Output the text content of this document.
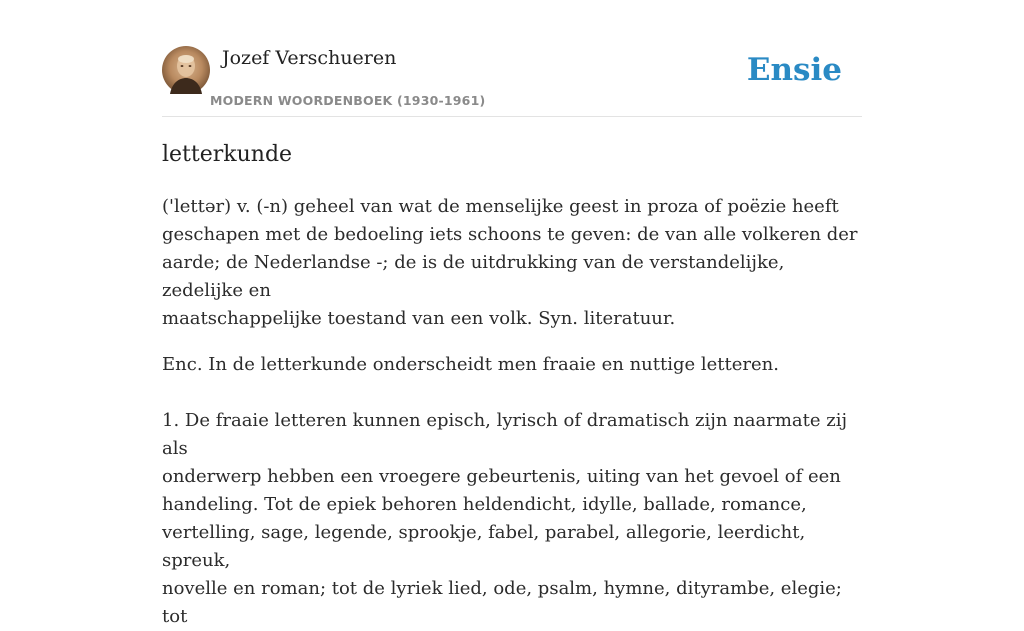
Jozef Verschueren
MODERN WOORDENBOEK (1930-1961)
Ensie
letterkunde

('lettər) v. (-n) geheel van wat de menselijke geest in proza of poëzie heeft
geschapen met de bedoeling iets schoons te geven: de van alle volkeren der
aarde; de Nederlandse -; de is de uitdrukking van de verstandelijke, zedelijke en
maatschappelijke toestand van een volk. Syn. literatuur.

Enc. In de letterkunde onderscheidt men fraaie en nuttige letteren.

1. De fraaie letteren kunnen episch, lyrisch of dramatisch zijn naarmate zij als
onderwerp hebben een vroegere gebeurtenis, uiting van het gevoel of een
handeling. Tot de epiek behoren heldendicht, idylle, ballade, romance,
vertelling, sage, legende, sprookje, fabel, parabel, allegorie, leerdicht, spreuk,
novelle en roman; tot de lyriek lied, ode, psalm, hymne, dityrambe, elegie; tot
